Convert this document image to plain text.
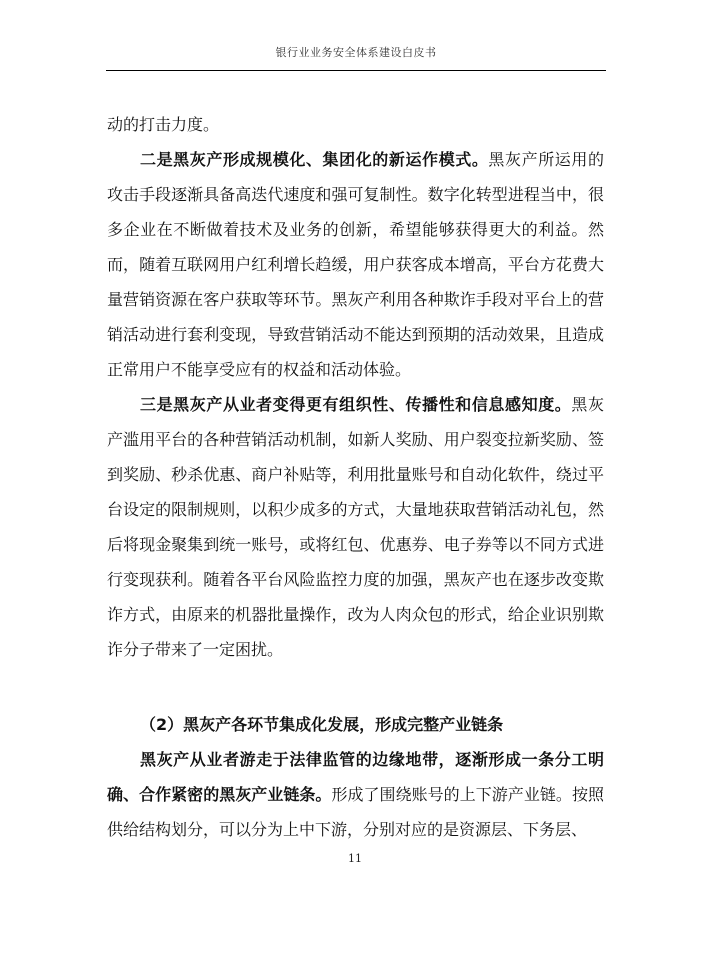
银行业业务安全体系建设白皮书

动的打击力度。

二是黑灰产形成规模化、集团化的新运作模式。黑灰产所运用的攻击手段逐渐具备高迭代速度和强可复制性。数字化转型进程当中，很多企业在不断做着技术及业务的创新，希望能够获得更大的利益。然而，随着互联网用户红利增长趋缓，用户获客成本增高，平台方花费大量营销资源在客户获取等环节。黑灰产利用各种欺诈手段对平台上的营销活动进行套利变现，导致营销活动不能达到预期的活动效果，且造成正常用户不能享受应有的权益和活动体验。

三是黑灰产从业者变得更有组织性、传播性和信息感知度。黑灰产滥用平台的各种营销活动机制，如新人奖励、用户裂变拉新奖励、签到奖励、秒杀优惠、商户补贴等，利用批量账号和自动化软件，绕过平台设定的限制规则，以积少成多的方式，大量地获取营销活动礼包，然后将现金聚集到统一账号，或将红包、优惠券、电子券等以不同方式进行变现获利。随着各平台风险监控力度的加强，黑灰产也在逐步改变欺诈方式，由原来的机器批量操作，改为人肉众包的形式，给企业识别欺诈分子带来了一定困扰。

（2）黑灰产各环节集成化发展，形成完整产业链条

黑灰产从业者游走于法律监管的边缘地带，逐渐形成一条分工明确、合作紧密的黑灰产业链条。形成了围绕账号的上下游产业链。按照供给结构划分，可以分为上中下游，分别对应的是资源层、下务层、

11
